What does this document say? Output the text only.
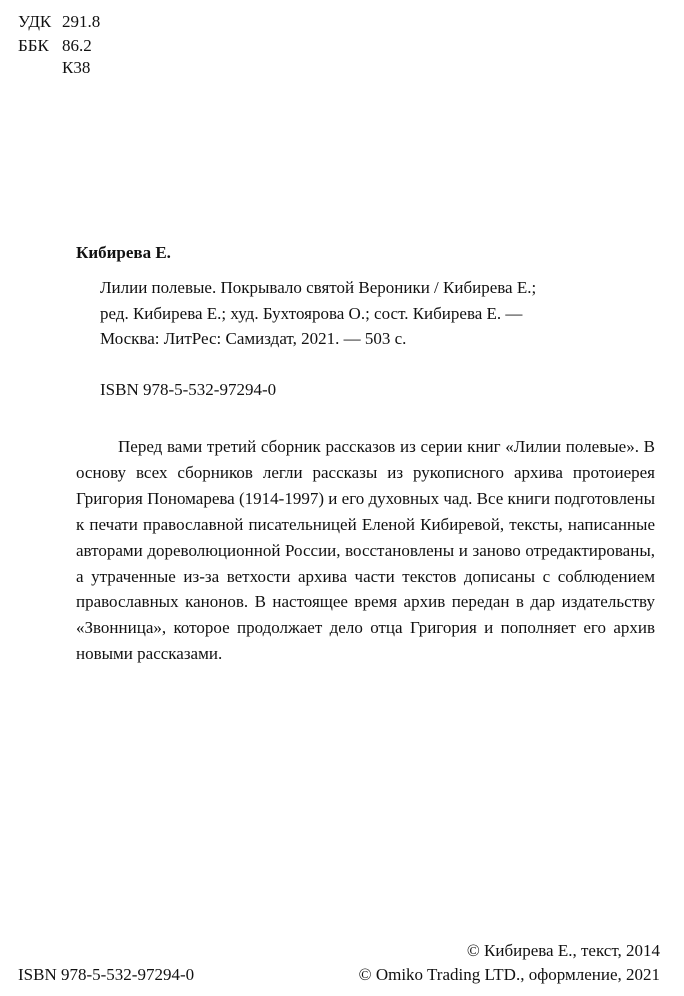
УДК 291.8
ББК 86.2
К38
Кибирева Е.
Лилии полевые. Покрывало святой Вероники / Кибирева Е.;
ред. Кибирева Е.; худ. Бухтоярова О.; сост. Кибирева Е. —
Москва: ЛитРес: Самиздат, 2021. — 503 с.
ISBN 978-5-532-97294-0
Перед вами третий сборник рассказов из серии книг «Лилии полевые». В основу всех сборников легли рассказы из рукописного архива протоиерея Григория Пономарева (1914-1997) и его духовных чад. Все книги подготовлены к печати православной писательницей Еленой Кибиревой, тексты, написанные авторами дореволюционной России, восстановлены и заново отредактированы, а утраченные из-за ветхости архива части текстов дописаны с соблюдением православных канонов. В настоящее время архив передан в дар издательству «Звонница», которое продолжает дело отца Григория и пополняет его архив новыми рассказами.
ISBN 978-5-532-97294-0
© Кибирева Е., текст, 2014
© Omiko Trading LTD., оформление, 2021
